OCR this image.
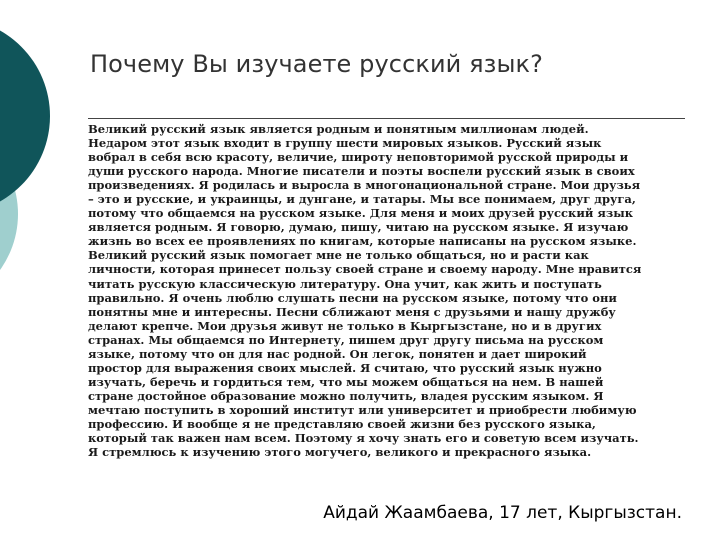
Почему Вы изучаете русский язык?
Великий русский язык является родным и понятным миллионам людей.
Недаром этот язык входит в группу шести мировых языков. Русский язык
вобрал в себя всю красоту, величие, широту неповторимой русской природы и
души русского народа. Многие писатели и поэты воспели русский язык в своих
произведениях. Я родилась и выросла в многонациональной стране. Мои друзья
– это и русские, и украинцы, и дунгане, и татары. Мы все понимаем, друг друга,
потому что общаемся на русском языке. Для меня и моих друзей русский язык
является родным. Я говорю, думаю, пишу, читаю на русском языке. Я изучаю
жизнь во всех ее проявлениях по книгам, которые написаны на русском языке.
Великий русский язык помогает мне не только общаться, но и расти как
личности, которая принесет пользу своей стране и своему народу. Мне нравится
читать русскую классическую литературу. Она учит, как жить и поступать
правильно. Я очень люблю слушать песни на русском языке, потому что они
понятны мне и интересны. Песни сближают меня с друзьями и нашу дружбу
делают крепче. Мои друзья живут не только в Кыргызстане, но и в других
странах. Мы общаемся по Интернету, пишем друг другу письма на русском
языке, потому что он для нас родной. Он легок, понятен и дает широкий
простор для выражения своих мыслей. Я считаю, что русский язык нужно
изучать, беречь и гордиться тем, что мы можем общаться на нем. В нашей
стране достойное образование можно получить, владея русским языком. Я
мечтаю поступить в хороший институт или университет и приобрести любимую
профессию. И вообще я не представляю своей жизни без русского языка,
который так важен нам всем. Поэтому я хочу знать его и советую всем изучать.
Я стремлюсь к изучению этого могучего, великого и прекрасного языка.
Айдай Жаамбаева, 17 лет, Кыргызстан.
